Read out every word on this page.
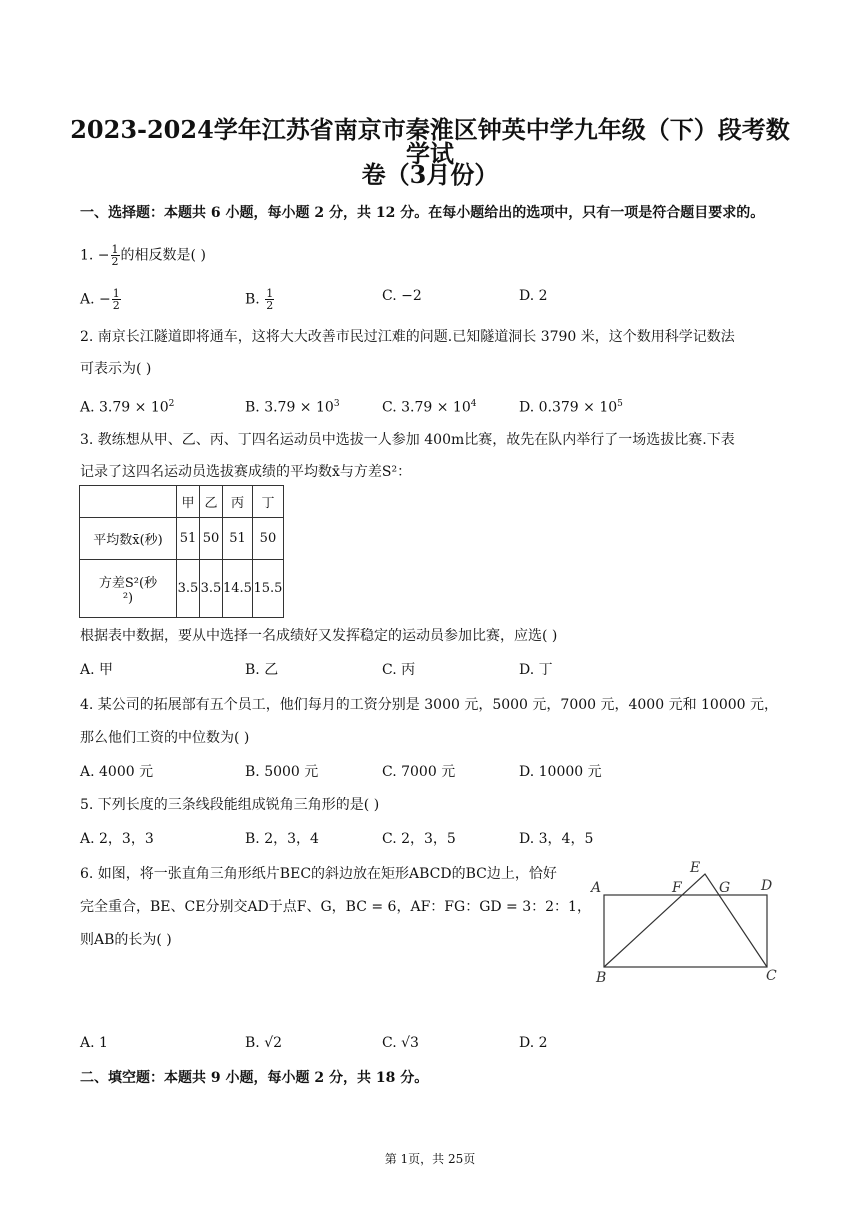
2023-2024学年江苏省南京市秦淮区钟英中学九年级（下）段考数学试
卷（3月份）
一、选择题：本题共 6 小题，每小题 2 分，共 12 分。在每小题给出的选项中，只有一项是符合题目要求的。
1. − $\frac{1}{2}$ 的相反数是( )
A. − $\frac{1}{2}$	B. $\frac{1}{2}$	C. −2	D. 2
2. 南京长江隧道即将通车，这将大大改善市民过江难的问题.已知隧道洞长 3790 米，这个数用科学记数法
可表示为( )
A. $3.79 \times 10^2$	B. $3.79 \times 10^3$	C. $3.79 \times 10^4$	D. $0.379 \times 10^5$
3. 教练想从甲、乙、丙、丁四名运动员中选拔一人参加 400m比赛，故先在队内举行了一场选拔比赛.下表
记录了这四名运动员选拔赛成绩的平均数x̄与方差S²：
	甲	乙	丙	丁
平均数x̄(秒)	51	50	51	50

方差S²(秒
²)	3.5	3.5	14.5	15.5
根据表中数据，要从中选择一名成绩好又发挥稳定的运动员参加比赛，应选( )
A. 甲	B. 乙	C. 丙	D. 丁
4. 某公司的拓展部有五个员工，他们每月的工资分别是 3000 元，5000 元，7000 元，4000 元和 10000 元，
那么他们工资的中位数为( )
A. 4000 元	B. 5000 元	C. 7000 元	D. 10000 元
5. 下列长度的三条线段能组成锐角三角形的是( )
A. 2，3，3	B. 2，3，4	C. 2，3，5	D. 3，4，5
6. 如图，将一张直角三角形纸片BEC的斜边放在矩形ABCD的BC边上，恰好
完全重合，BE、CE分别交AD于点F、G，BC = 6，AF：FG：GD = 3：2：1，
则AB的长为( )
A
B	C
D
E
F	G
A. 1	B. √2	C. √3	D. 2
二、填空题：本题共 9 小题，每小题 2 分，共 18 分。
第 1页，共 25页
